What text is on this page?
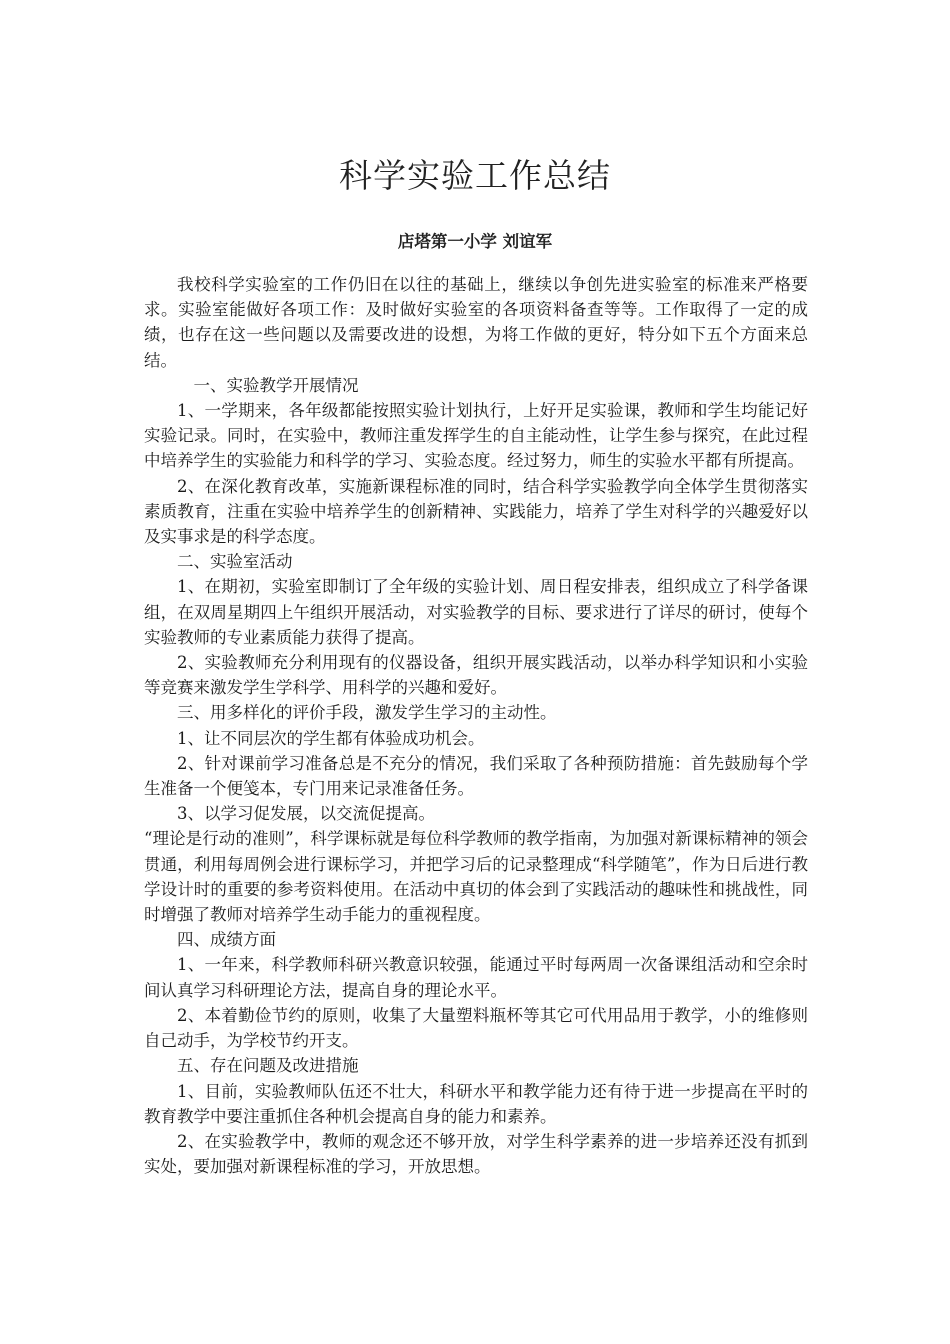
科学实验工作总结
店塔第一小学 刘谊军

我校科学实验室的工作仍旧在以往的基础上，继续以争创先进实验室的标准来严格要求。实验室能做好各项工作：及时做好实验室的各项资料备查等等。工作取得了一定的成绩，也存在这一些问题以及需要改进的设想，为将工作做的更好，特分如下五个方面来总结。

一、实验教学开展情况

1、一学期来，各年级都能按照实验计划执行，上好开足实验课，教师和学生均能记好实验记录。同时，在实验中，教师注重发挥学生的自主能动性，让学生参与探究，在此过程中培养学生的实验能力和科学的学习、实验态度。经过努力，师生的实验水平都有所提高。

2、在深化教育改革，实施新课程标准的同时，结合科学实验教学向全体学生贯彻落实素质教育，注重在实验中培养学生的创新精神、实践能力，培养了学生对科学的兴趣爱好以及实事求是的科学态度。

二、实验室活动

1、在期初，实验室即制订了全年级的实验计划、周日程安排表，组织成立了科学备课组，在双周星期四上午组织开展活动，对实验教学的目标、要求进行了详尽的研讨，使每个实验教师的专业素质能力获得了提高。

2、实验教师充分利用现有的仪器设备，组织开展实践活动，以举办科学知识和小实验等竞赛来激发学生学科学、用科学的兴趣和爱好。

三、用多样化的评价手段，激发学生学习的主动性。

1、让不同层次的学生都有体验成功机会。

2、针对课前学习准备总是不充分的情况，我们采取了各种预防措施：首先鼓励每个学生准备一个便笺本，专门用来记录准备任务。

3、以学习促发展，以交流促提高。

“理论是行动的准则”，科学课标就是每位科学教师的教学指南，为加强对新课标精神的领会贯通，利用每周例会进行课标学习，并把学习后的记录整理成“科学随笔”，作为日后进行教学设计时的重要的参考资料使用。在活动中真切的体会到了实践活动的趣味性和挑战性，同时增强了教师对培养学生动手能力的重视程度。

四、成绩方面

1、一年来，科学教师科研兴教意识较强，能通过平时每两周一次备课组活动和空余时间认真学习科研理论方法，提高自身的理论水平。

2、本着勤俭节约的原则，收集了大量塑料瓶杯等其它可代用品用于教学，小的维修则自己动手，为学校节约开支。

五、存在问题及改进措施

1、目前，实验教师队伍还不壮大，科研水平和教学能力还有待于进一步提高在平时的教育教学中要注重抓住各种机会提高自身的能力和素养。

2、在实验教学中，教师的观念还不够开放，对学生科学素养的进一步培养还没有抓到实处，要加强对新课程标准的学习，开放思想。
